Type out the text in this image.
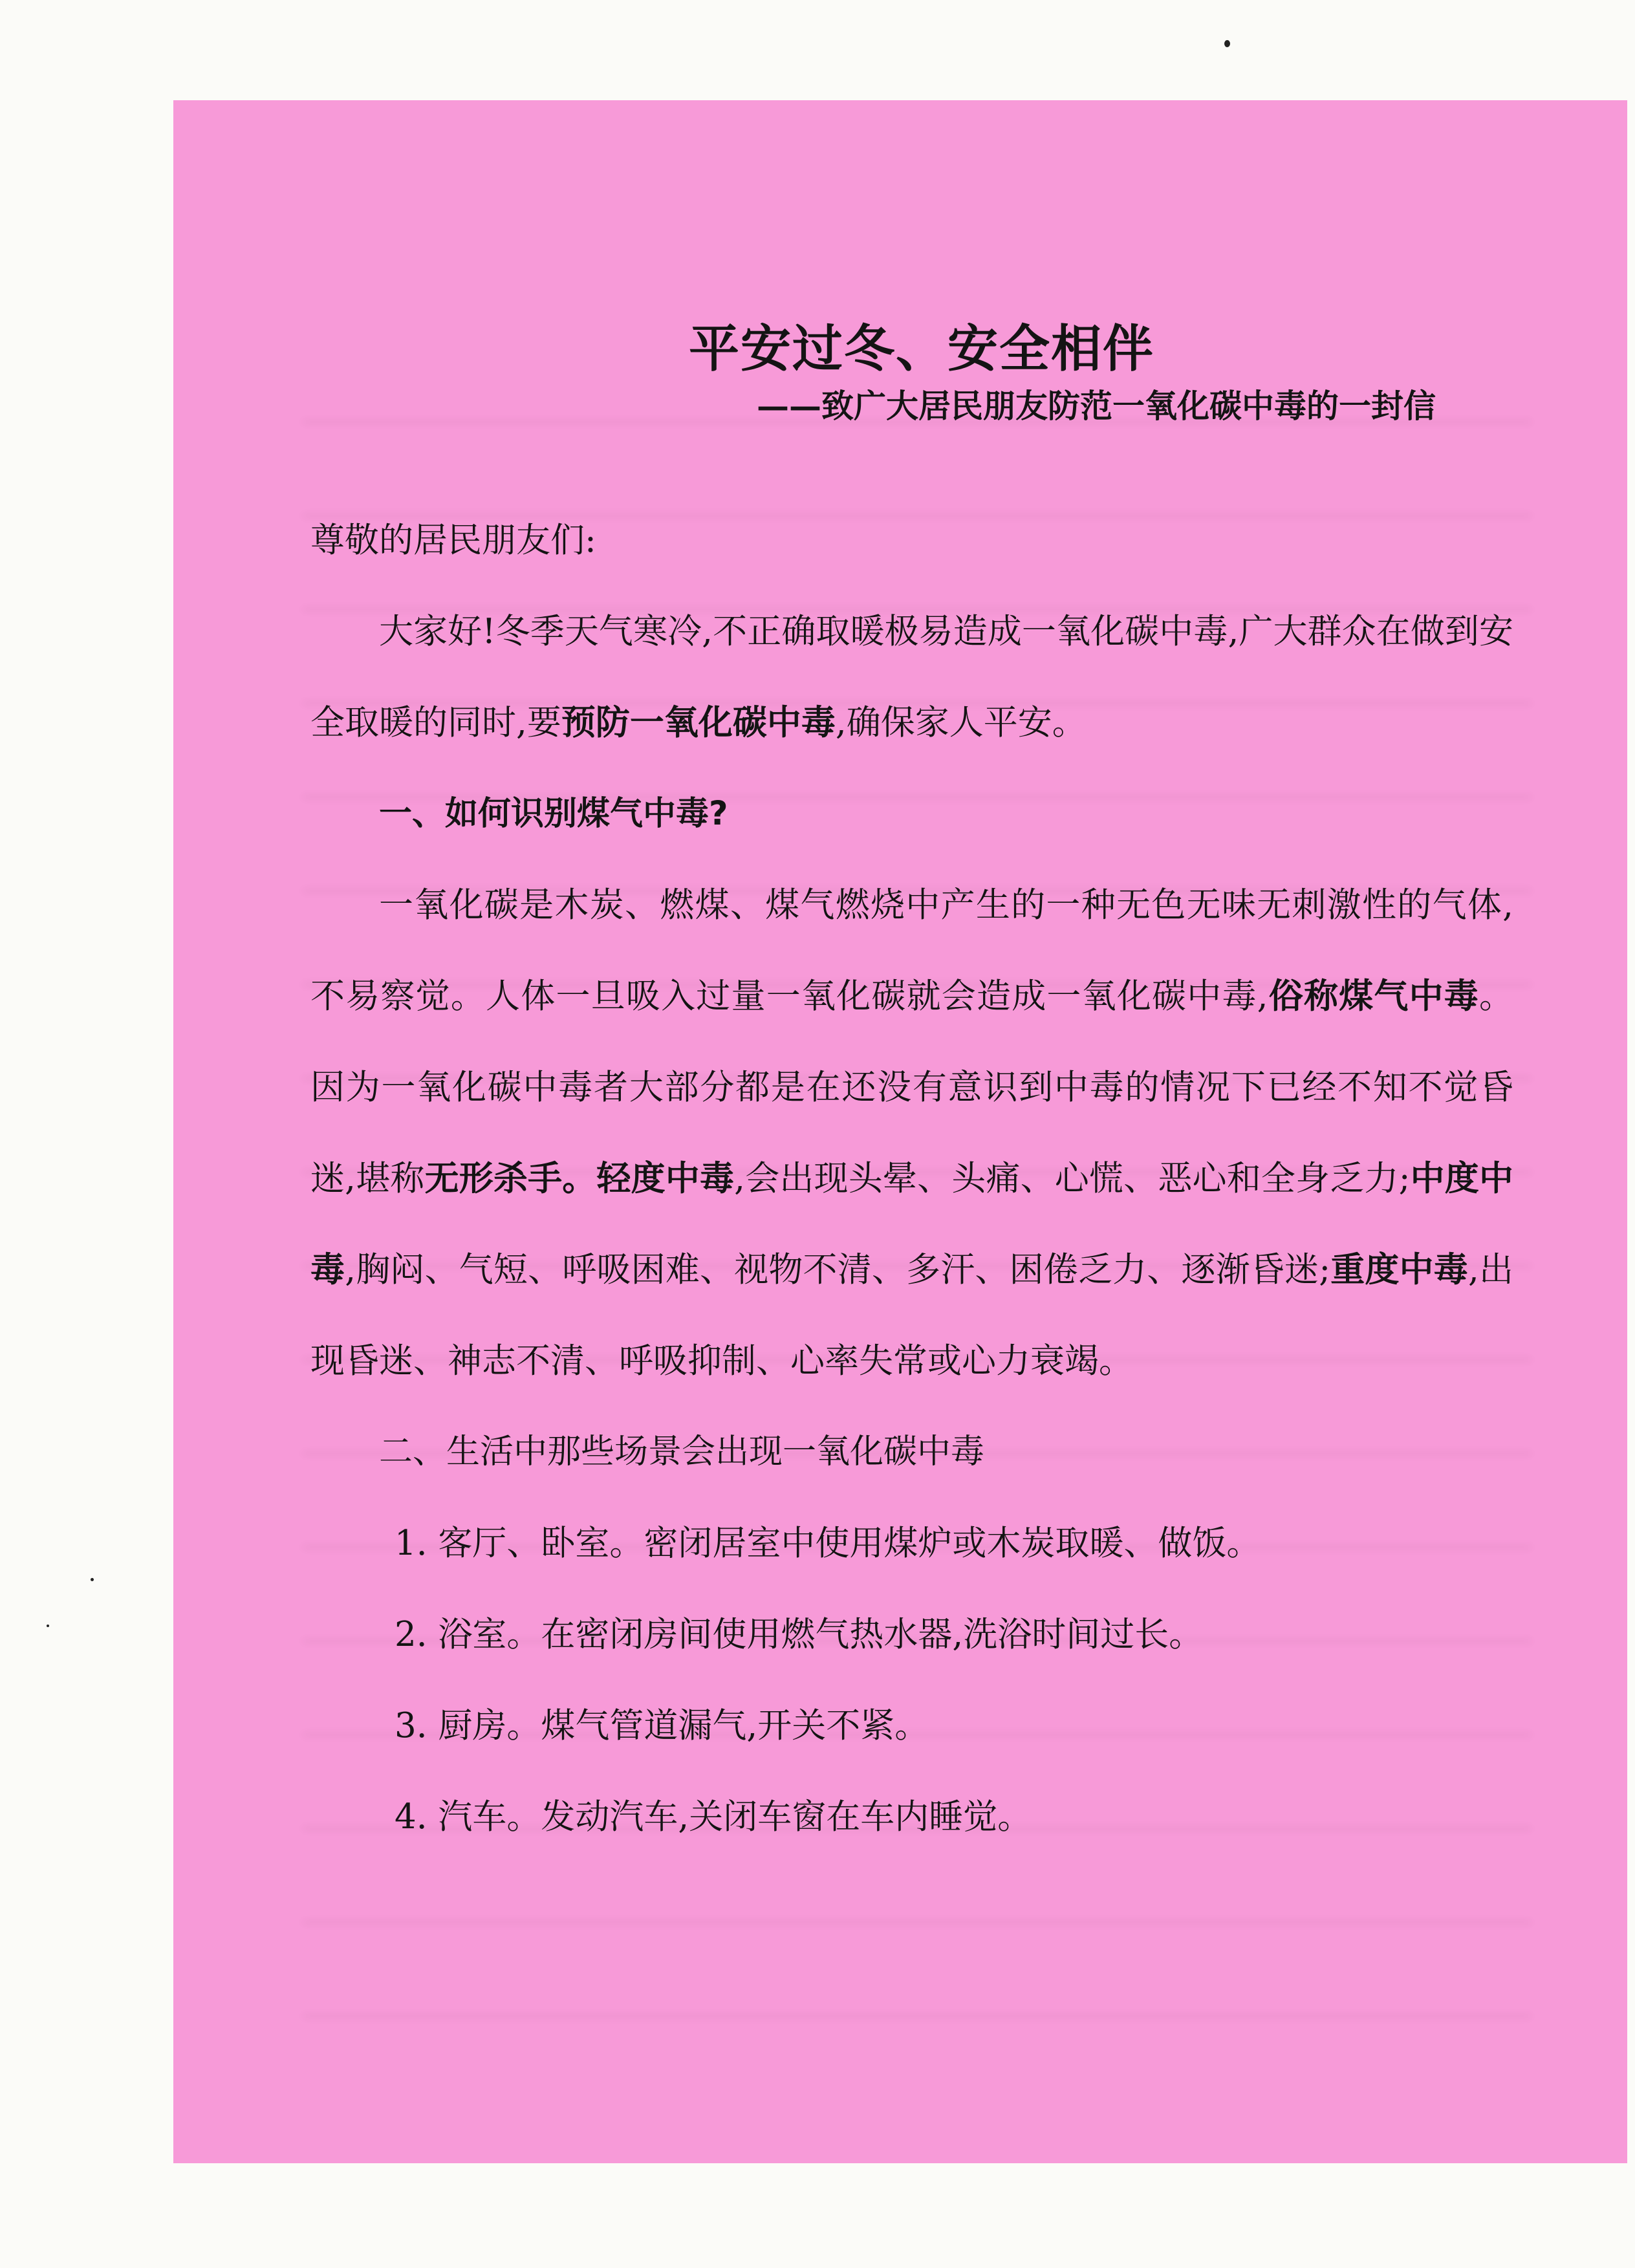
平安过冬、安全相伴

——致广大居民朋友防范一氧化碳中毒的一封信

尊敬的居民朋友们:

大家好!冬季天气寒冷,不正确取暖极易造成一氧化碳中毒,广大群众在做到安全取暖的同时,要预防一氧化碳中毒,确保家人平安。

一、如何识别煤气中毒?

一氧化碳是木炭、燃煤、煤气燃烧中产生的一种无色无味无刺激性的气体,不易察觉。人体一旦吸入过量一氧化碳就会造成一氧化碳中毒,俗称煤气中毒。因为一氧化碳中毒者大部分都是在还没有意识到中毒的情况下已经不知不觉昏迷,堪称无形杀手。轻度中毒,会出现头晕、头痛、心慌、恶心和全身乏力;中度中毒,胸闷、气短、呼吸困难、视物不清、多汗、困倦乏力、逐渐昏迷;重度中毒,出现昏迷、神志不清、呼吸抑制、心率失常或心力衰竭。

二、生活中那些场景会出现一氧化碳中毒

1. 客厅、卧室。密闭居室中使用煤炉或木炭取暖、做饭。

2. 浴室。在密闭房间使用燃气热水器,洗浴时间过长。

3. 厨房。煤气管道漏气,开关不紧。

4. 汽车。发动汽车,关闭车窗在车内睡觉。
